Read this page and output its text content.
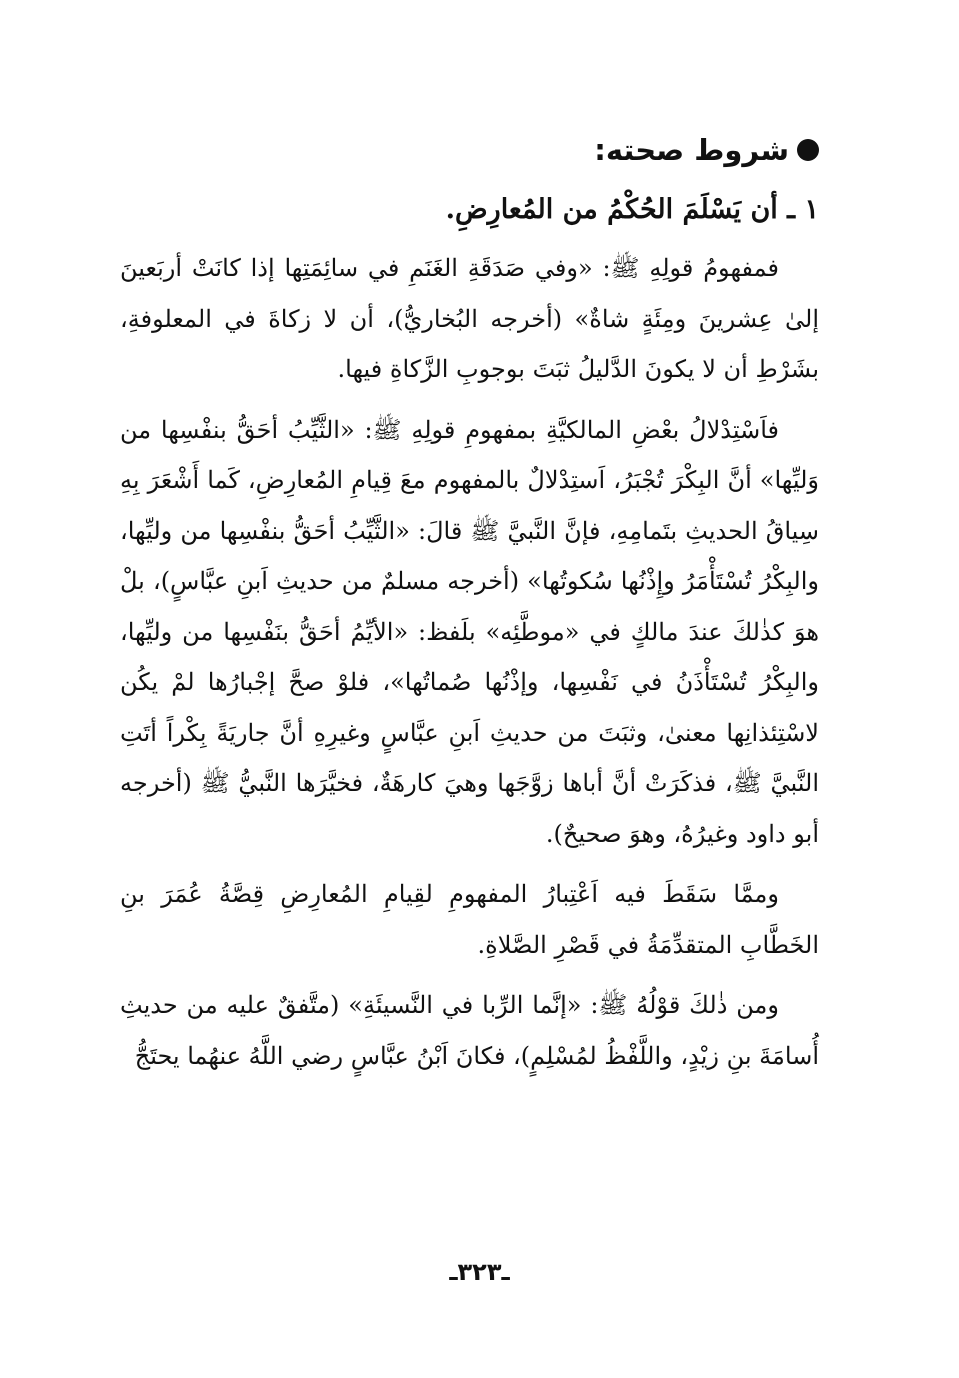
شروط صحته:

١ ـ أن يَسْلَمَ الحُكْمُ من المُعارِضِ.

فمفهومُ قولِهِ ﷺ: «وفي صَدَقَةِ الغَنَمِ في سائِمَتِها إذا كانَتْ أربَعينَ إلىٰ عِشرينَ ومِئَةٍ شاةٌ» (أخرجه البُخاريُّ)، أن لا زكاةَ في المعلوفةِ، بشَرْطِ أن لا يكونَ الدَّليلُ ثبَتَ بوجوبِ الزَّكاةِ فيها.

فاَسْتِدْلالُ بعْضِ المالكيَّةِ بمفهومِ قولِهِ ﷺ: «الثَّيِّبُ أحَقُّ بنفْسِها من وَليِّها» أنَّ البِكْرَ تُجْبَرُ، اَستِدْلالٌ بالمفهوم معَ قِيامِ المُعارِضِ، كَما أَشْعَرَ بِهِ سِياقُ الحديثِ بتَمامِهِ، فإنَّ النَّبيَّ ﷺ قالَ: «الثَّيِّبُ أحَقُّ بنفْسِها من وليِّها، والبِكْرُ تُسْتَأْمَرُ وإِذْنُها سُكوتُها» (أخرجه مسلمٌ من حديثِ اَبنِ عبَّاسٍ)، بلْ هوَ كذٰلكَ عندَ مالكٍ في «موطَّئِه» بلَفظ: «الأيِّمُ أحَقُّ بنَفْسِها من وليِّها، والبِكْرُ تُسْتَأْذَنُ في نَفْسِها، وإذْنُها صُماتُها»، فلوْ صحَّ إجْبارُها لمْ يكُن لاسْتِئذانِها معنىٰ، وثبَتَ من حديثِ اَبنِ عبَّاسٍ وغيرِهِ أنَّ جاريَةً بِكْراً أتَتِ النَّبيَّ ﷺ، فذكَرَتْ أنَّ أباها زوَّجَها وهيَ كارهَةٌ، فخيَّرَها النَّبيُّ ﷺ (أخرجه أبو داود وغيرُهُ، وهوَ صحيحٌ).

وممَّا سَقَطَ فيه اَعْتِبارُ المفهومِ لقِيامِ المُعارِضِ قِصَّةُ عُمَرَ بنِ الخَطَّابِ المتقدِّمَةُ في قَصْرِ الصَّلاةِ.

ومن ذٰلكَ قوْلُهُ ﷺ: «إنَّما الرِّبا في النَّسيئَةِ» (متَّفقٌ عليه من حديثِ أُسامَةَ بنِ زيْدٍ، واللَّفْظُ لمُسْلِمٍ)، فكانَ اَبْنُ عبَّاسٍ رضي اللَّهُ عنهُما يحتَجُّ

ـ٣٢٣ـ
